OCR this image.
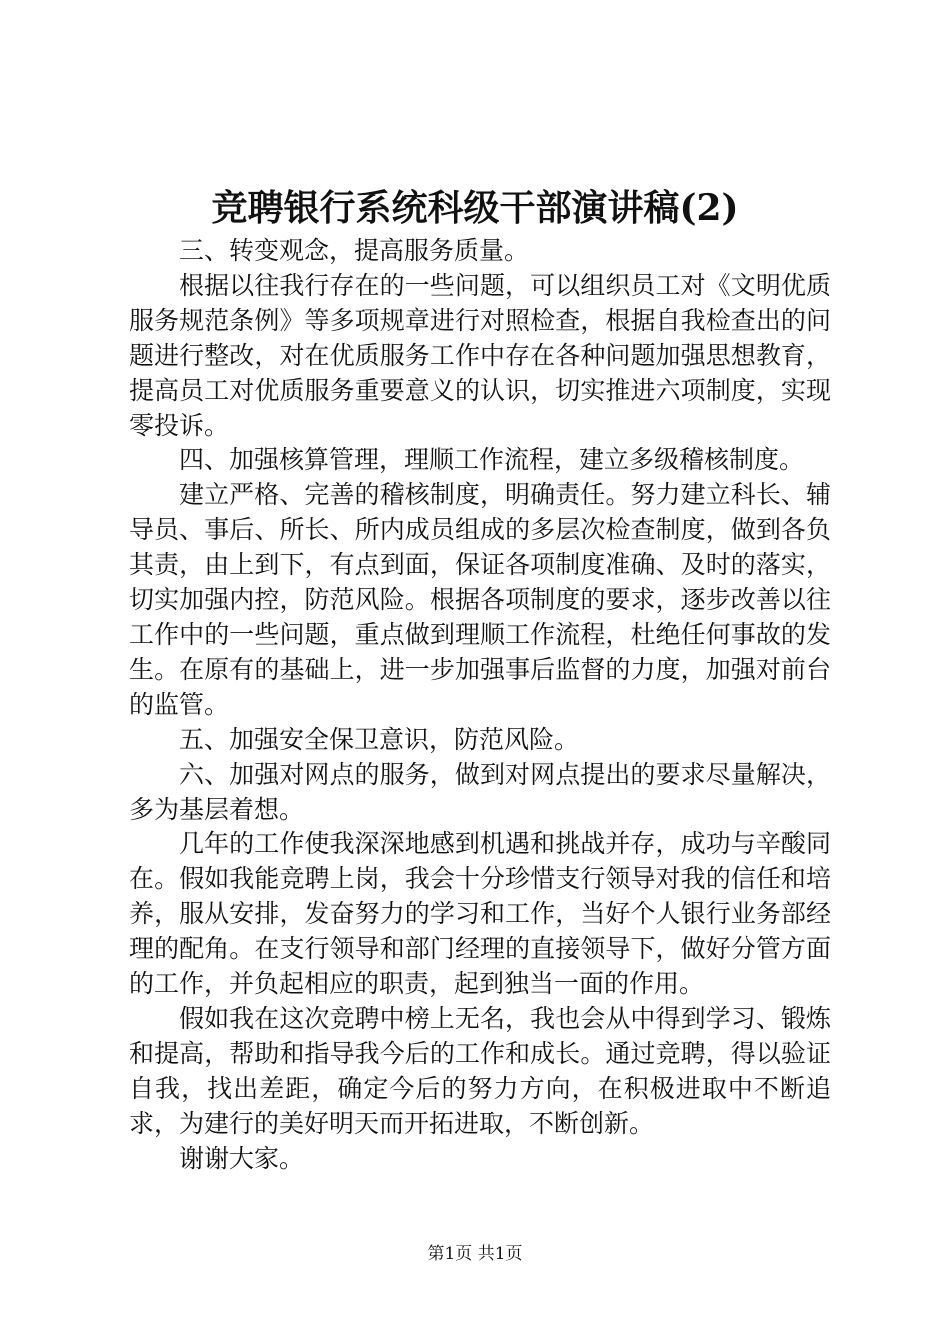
竞聘银行系统科级干部演讲稿(2)

三、转变观念，提高服务质量。

根据以往我行存在的一些问题，可以组织员工对《文明优质服务规范条例》等多项规章进行对照检查，根据自我检查出的问题进行整改，对在优质服务工作中存在各种问题加强思想教育，提高员工对优质服务重要意义的认识，切实推进六项制度，实现零投诉。

四、加强核算管理，理顺工作流程，建立多级稽核制度。

建立严格、完善的稽核制度，明确责任。努力建立科长、辅导员、事后、所长、所内成员组成的多层次检查制度，做到各负其责，由上到下，有点到面，保证各项制度准确、及时的落实，切实加强内控，防范风险。根据各项制度的要求，逐步改善以往工作中的一些问题，重点做到理顺工作流程，杜绝任何事故的发生。在原有的基础上，进一步加强事后监督的力度，加强对前台的监管。

五、加强安全保卫意识，防范风险。

六、加强对网点的服务，做到对网点提出的要求尽量解决，多为基层着想。

几年的工作使我深深地感到机遇和挑战并存，成功与辛酸同在。假如我能竞聘上岗，我会十分珍惜支行领导对我的信任和培养，服从安排，发奋努力的学习和工作，当好个人银行业务部经理的配角。在支行领导和部门经理的直接领导下，做好分管方面的工作，并负起相应的职责，起到独当一面的作用。

假如我在这次竞聘中榜上无名，我也会从中得到学习、锻炼和提高，帮助和指导我今后的工作和成长。通过竞聘，得以验证自我，找出差距，确定今后的努力方向，在积极进取中不断追求，为建行的美好明天而开拓进取，不断创新。

谢谢大家。

第1页 共1页
